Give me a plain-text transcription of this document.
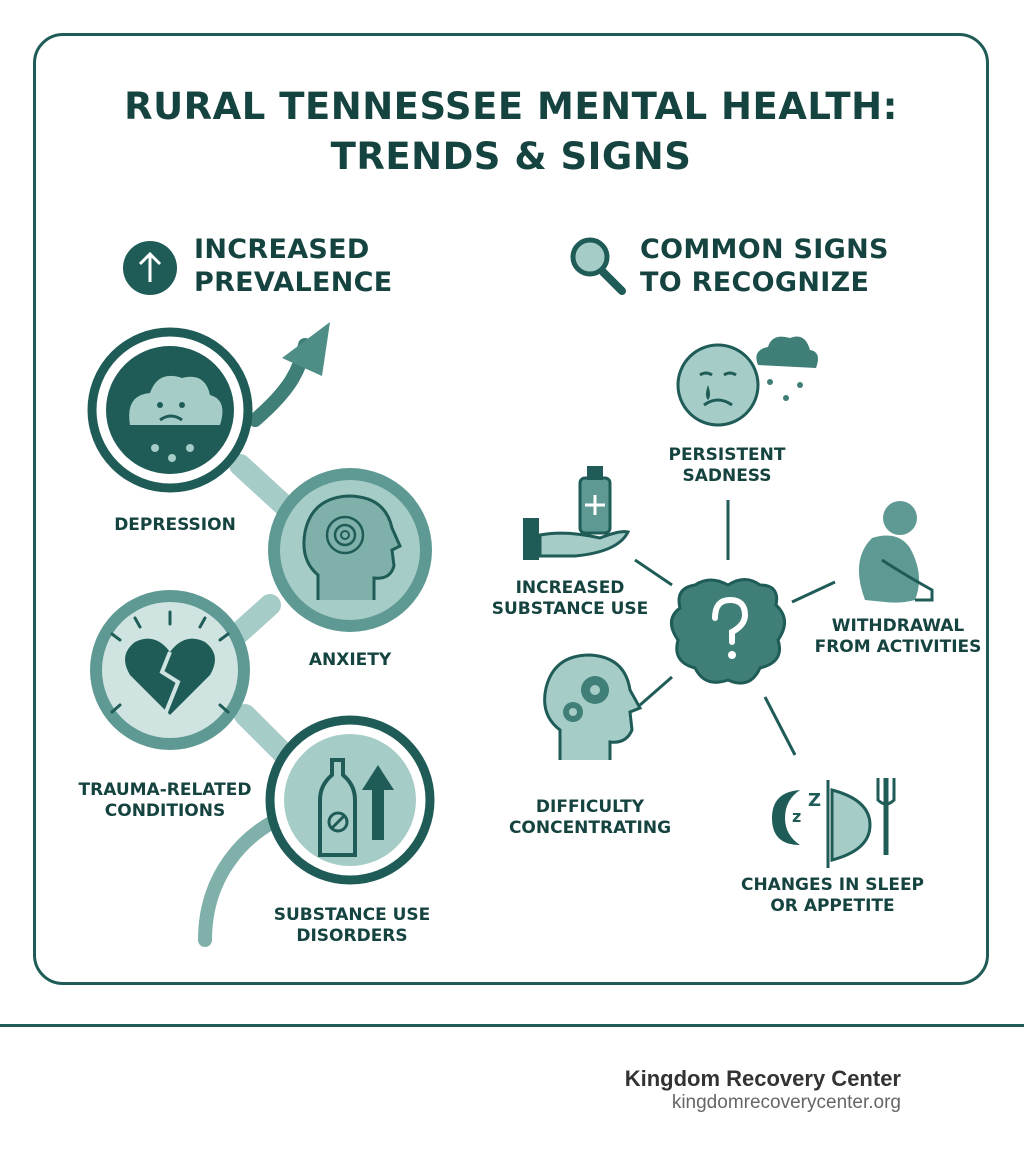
RURAL TENNESSEE MENTAL HEALTH: TRENDS & SIGNS
z
Z
INCREASED
PREVALENCE
COMMON SIGNS
TO RECOGNIZE
DEPRESSION
ANXIETY
TRAUMA-RELATED CONDITIONS
SUBSTANCE USE DISORDERS
PERSISTENT SADNESS
INCREASED SUBSTANCE USE
WITHDRAWAL FROM ACTIVITIES
DIFFICULTY CONCENTRATING
CHANGES IN SLEEP OR APPETITE
Kingdom Recovery Center
kingdomrecoverycenter.org
